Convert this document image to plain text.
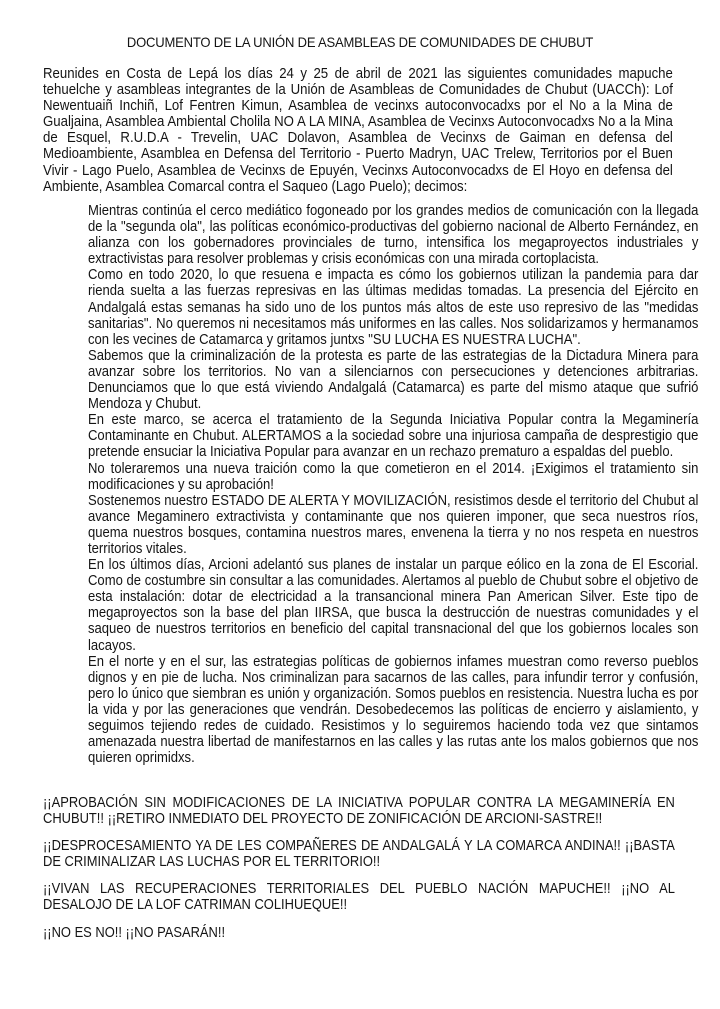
DOCUMENTO DE LA UNIÓN DE ASAMBLEAS DE COMUNIDADES DE CHUBUT

Reunides en Costa de Lepá los días 24 y 25 de abril de 2021 las siguientes comunidades mapuche tehuelche y asambleas integrantes de la Unión de Asambleas de Comunidades de Chubut (UACCh): Lof Newentuaiñ Inchiñ, Lof Fentren Kimun, Asamblea de vecinxs autoconvocadxs por el No a la Mina de Gualjaina, Asamblea Ambiental Cholila NO A LA MINA, Asamblea de Vecinxs Autoconvocadxs No a la Mina de Esquel, R.U.D.A - Trevelin, UAC Dolavon, Asamblea de Vecinxs de Gaiman en defensa del Medioambiente, Asamblea en Defensa del Territorio - Puerto Madryn, UAC Trelew, Territorios por el Buen Vivir - Lago Puelo, Asamblea de Vecinxs de Epuyén, Vecinxs Autoconvocadxs de El Hoyo en defensa del Ambiente, Asamblea Comarcal contra el Saqueo (Lago Puelo); decimos:

Mientras continúa el cerco mediático fogoneado por los grandes medios de comunicación con la llegada de la "segunda ola", las políticas económico-productivas del gobierno nacional de Alberto Fernández, en alianza con los gobernadores provinciales de turno, intensifica los megaproyectos industriales y extractivistas para resolver problemas y crisis económicas con una mirada cortoplacista.

Como en todo 2020, lo que resuena e impacta es cómo los gobiernos utilizan la pandemia para dar rienda suelta a las fuerzas represivas en las últimas medidas tomadas. La presencia del Ejército en Andalgalá estas semanas ha sido uno de los puntos más altos de este uso represivo de las "medidas sanitarias". No queremos ni necesitamos más uniformes en las calles. Nos solidarizamos y hermanamos con les vecines de Catamarca y gritamos juntxs "SU LUCHA ES NUESTRA LUCHA".

Sabemos que la criminalización de la protesta es parte de las estrategias de la Dictadura Minera para avanzar sobre los territorios. No van a silenciarnos con persecuciones y detenciones arbitrarias. Denunciamos que lo que está viviendo Andalgalá (Catamarca) es parte del mismo ataque que sufrió Mendoza y Chubut.

En este marco, se acerca el tratamiento de la Segunda Iniciativa Popular contra la Megaminería Contaminante en Chubut. ALERTAMOS a la sociedad sobre una injuriosa campaña de desprestigio que pretende ensuciar la Iniciativa Popular para avanzar en un rechazo prematuro a espaldas del pueblo.

No toleraremos una nueva traición como la que cometieron en el 2014. ¡Exigimos el tratamiento sin modificaciones y su aprobación!

Sostenemos nuestro ESTADO DE ALERTA Y MOVILIZACIÓN, resistimos desde el territorio del Chubut al avance Megaminero extractivista y contaminante que nos quieren imponer, que seca nuestros ríos, quema nuestros bosques, contamina nuestros mares, envenena la tierra y no nos respeta en nuestros territorios vitales.

En los últimos días, Arcioni adelantó sus planes de instalar un parque eólico en la zona de El Escorial. Como de costumbre sin consultar a las comunidades. Alertamos al pueblo de Chubut sobre el objetivo de esta instalación: dotar de electricidad a la transancional minera Pan American Silver. Este tipo de megaproyectos son la base del plan IIRSA, que busca la destrucción de nuestras comunidades y el saqueo de nuestros territorios en beneficio del capital transnacional del que los gobiernos locales son lacayos.

En el norte y en el sur, las estrategias políticas de gobiernos infames muestran como reverso pueblos dignos y en pie de lucha. Nos criminalizan para sacarnos de las calles, para infundir terror y confusión, pero lo único que siembran es unión y organización. Somos pueblos en resistencia. Nuestra lucha es por la vida y por las generaciones que vendrán. Desobedecemos las políticas de encierro y aislamiento, y seguimos tejiendo redes de cuidado. Resistimos y lo seguiremos haciendo toda vez que sintamos amenazada nuestra libertad de manifestarnos en las calles y las rutas ante los malos gobiernos que nos quieren oprimidxs.

¡¡APROBACIÓN SIN MODIFICACIONES DE LA INICIATIVA POPULAR CONTRA LA MEGAMINERÍA EN CHUBUT!! ¡¡RETIRO INMEDIATO DEL PROYECTO DE ZONIFICACIÓN DE ARCIONI-SASTRE!!

¡¡DESPROCESAMIENTO YA DE LES COMPAÑERES DE ANDALGALÁ Y LA COMARCA ANDINA!! ¡¡BASTA DE CRIMINALIZAR LAS LUCHAS POR EL TERRITORIO!!

¡¡VIVAN LAS RECUPERACIONES TERRITORIALES DEL PUEBLO NACIÓN MAPUCHE!! ¡¡NO AL DESALOJO DE LA LOF CATRIMAN COLIHUEQUE!!

¡¡NO ES NO!! ¡¡NO PASARÁN!!
